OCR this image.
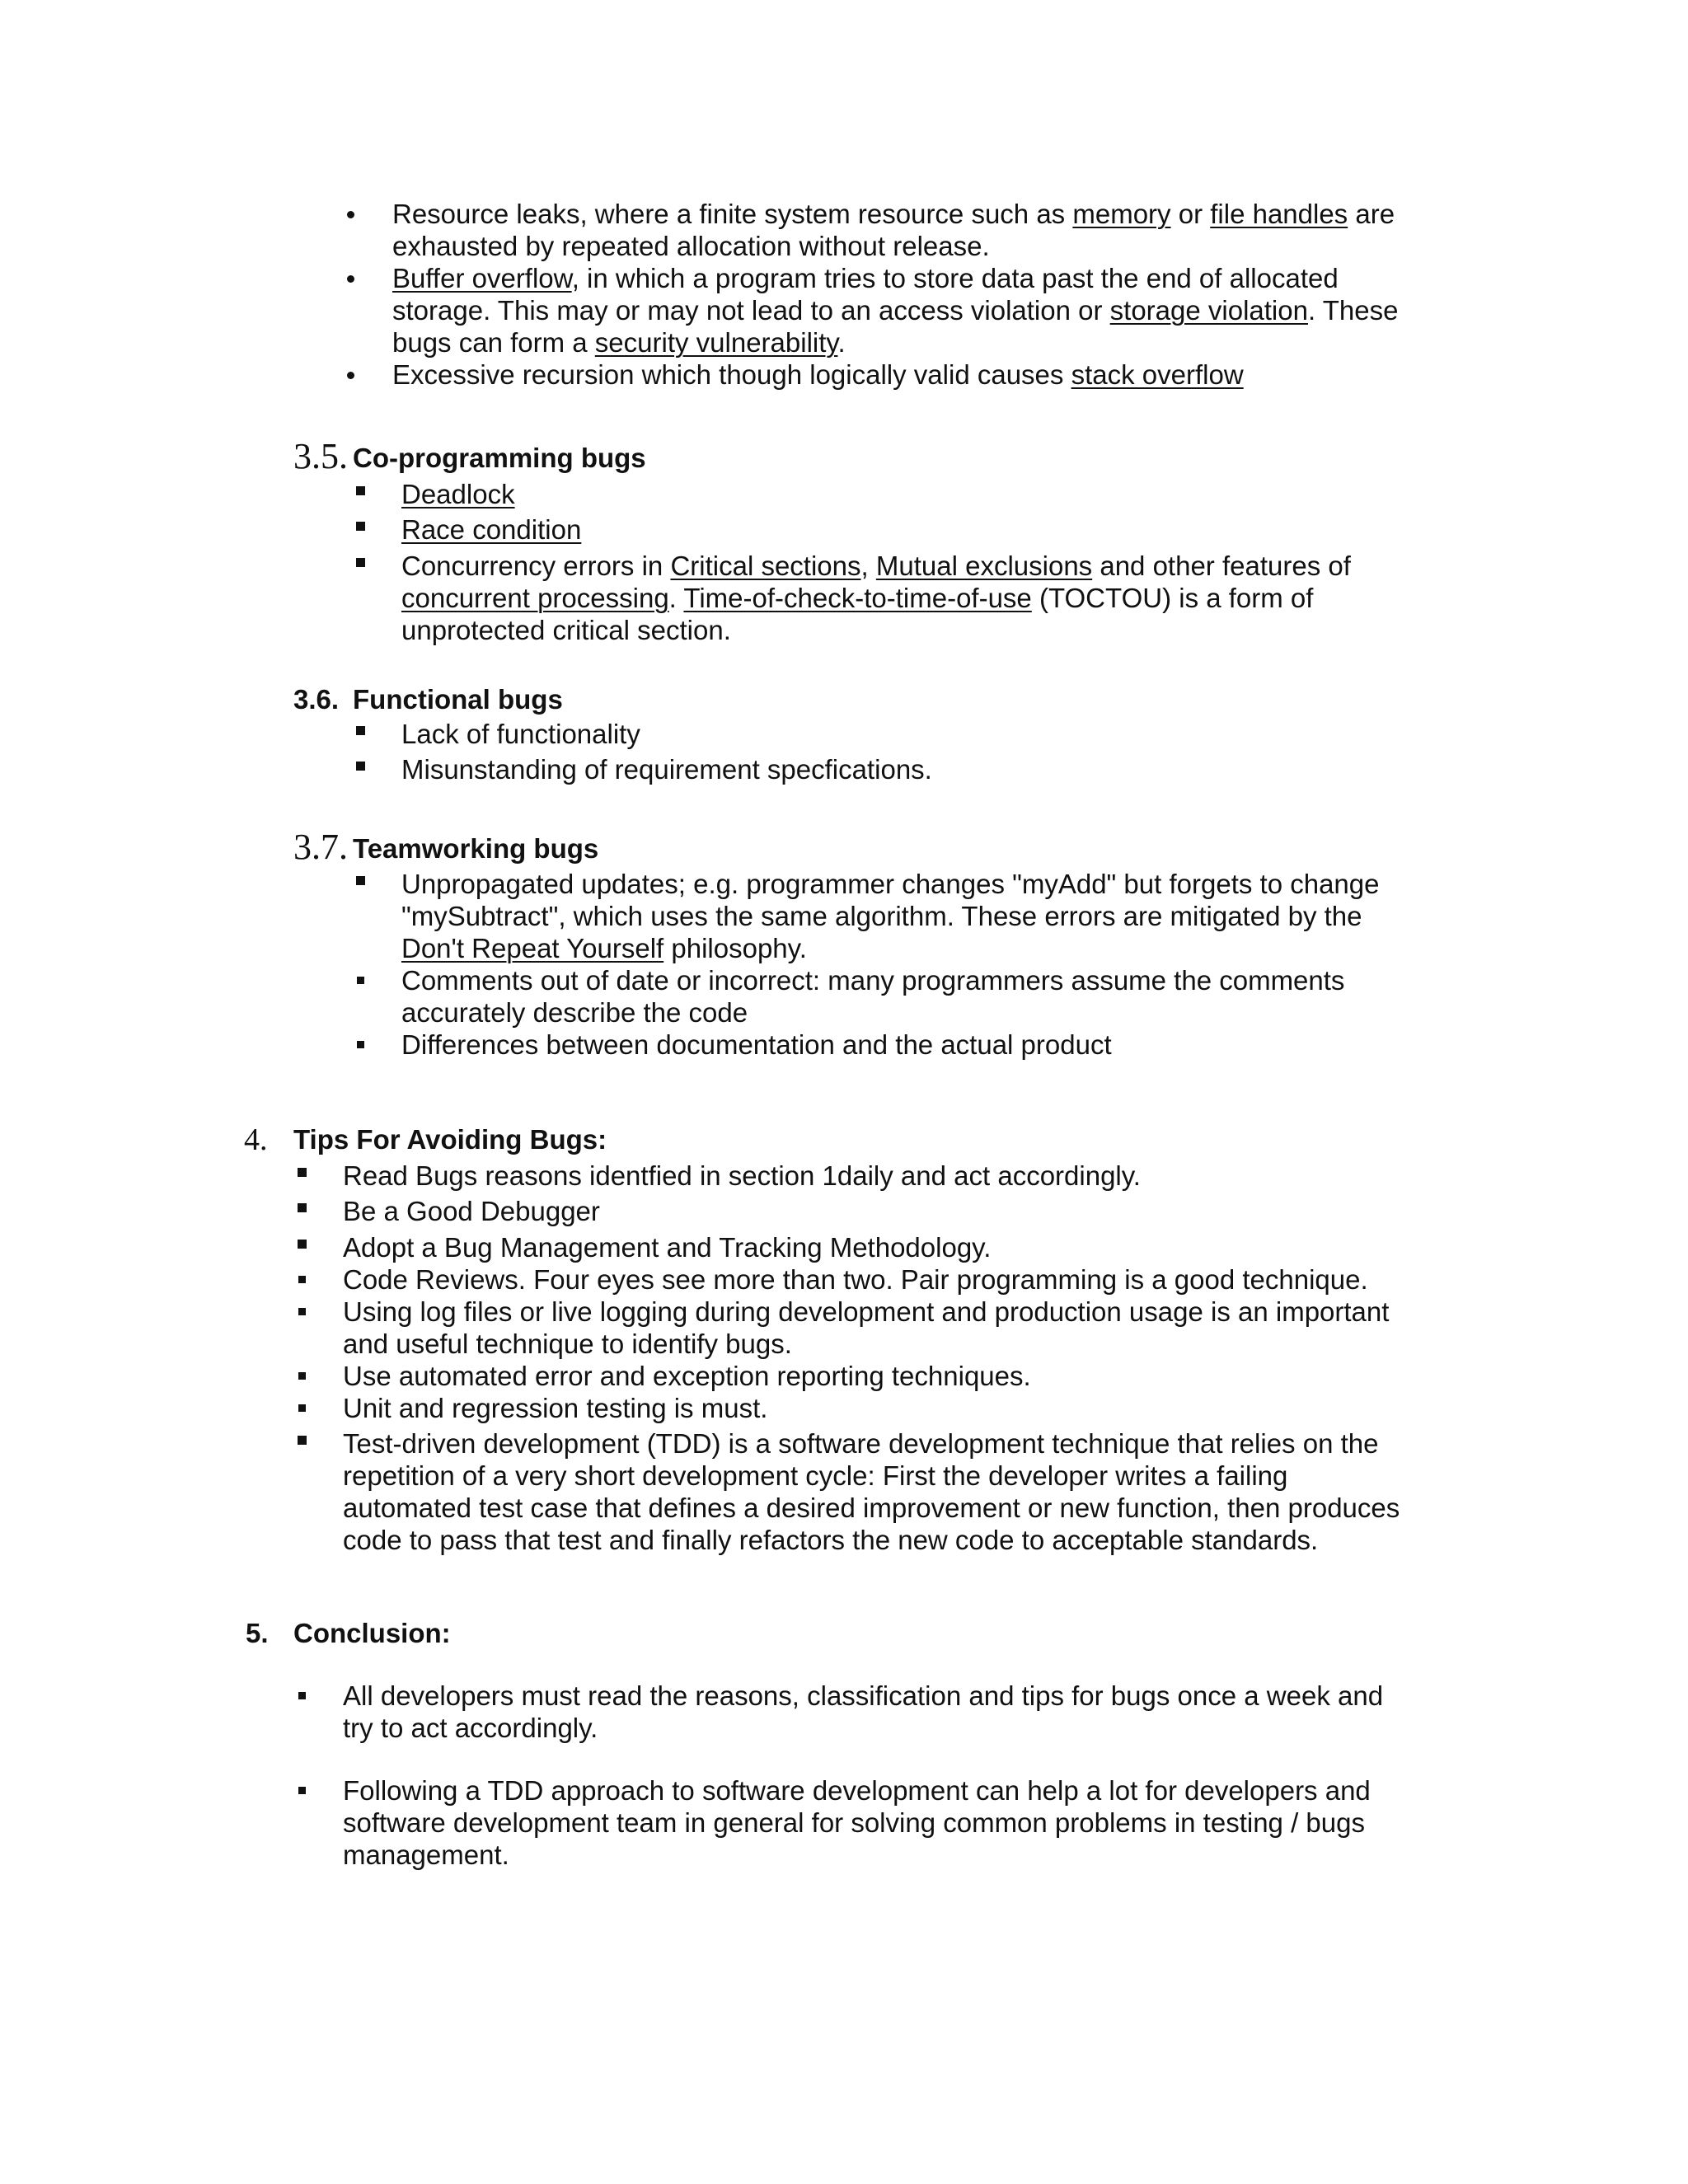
Resource leaks, where a finite system resource such as memory or file handles are
exhausted by repeated allocation without release.
Buffer overflow, in which a program tries to store data past the end of allocated
storage. This may or may not lead to an access violation or storage violation. These
bugs can form a security vulnerability.
Excessive recursion which though logically valid causes stack overflow
3.5. Co-programming bugs
Deadlock
Race condition
Concurrency errors in Critical sections, Mutual exclusions and other features of
concurrent processing. Time-of-check-to-time-of-use (TOCTOU) is a form of
unprotected critical section.
3.6. Functional bugs
Lack of functionality
Misunstanding of requirement specfications.
3.7. Teamworking bugs
Unpropagated updates; e.g. programmer changes "myAdd" but forgets to change
"mySubtract", which uses the same algorithm. These errors are mitigated by the
Don't Repeat Yourself philosophy.
Comments out of date or incorrect: many programmers assume the comments
accurately describe the code
Differences between documentation and the actual product
4. Tips For Avoiding Bugs:
Read Bugs reasons identfied in section 1daily and act accordingly.
Be a Good Debugger
Adopt a Bug Management and Tracking Methodology.
Code Reviews. Four eyes see more than two. Pair programming is a good technique.
Using log files or live logging during development and production usage is an important
and useful technique to identify bugs.
Use automated error and exception reporting techniques.
Unit and regression testing is must.
Test-driven development (TDD) is a software development technique that relies on the
repetition of a very short development cycle: First the developer writes a failing
automated test case that defines a desired improvement or new function, then produces
code to pass that test and finally refactors the new code to acceptable standards.
5. Conclusion:
All developers must read the reasons, classification and tips for bugs once a week and
try to act accordingly.
Following a TDD approach to software development can help a lot for developers and
software development team in general for solving common problems in testing / bugs
management.
